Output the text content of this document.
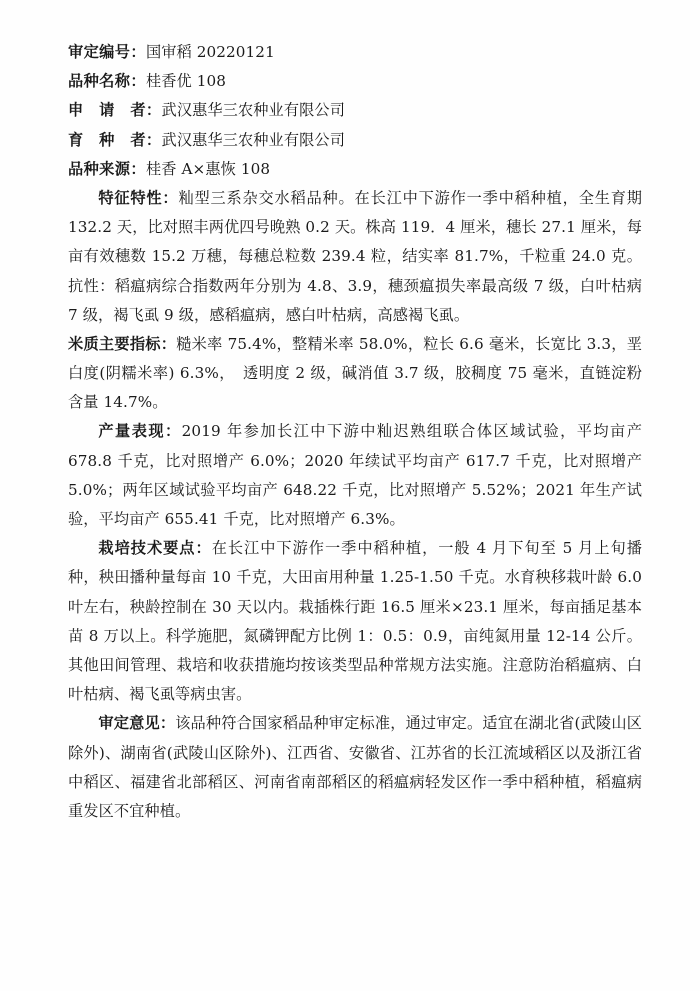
审定编号：国审稻 20220121
品种名称：桂香优 108
申　请　者：武汉惠华三农种业有限公司
育　种　者：武汉惠华三农种业有限公司
品种来源：桂香 A×惠恢 108

特征特性：籼型三系杂交水稻品种。在长江中下游作一季中稻种植，全生育期 132.2 天，比对照丰两优四号晚熟 0.2 天。株高 119．4 厘米，穗长 27.1 厘米，每亩有效穗数 15.2 万穗，每穗总粒数 239.4 粒，结实率 81.7%，千粒重 24.0 克。抗性：稻瘟病综合指数两年分别为 4.8、3.9，穗颈瘟损失率最高级 7 级，白叶枯病 7 级，褐飞虱 9 级，感稻瘟病，感白叶枯病，高感褐飞虱。

米质主要指标：糙米率 75.4%，整精米率 58.0%，粒长 6.6 毫米，长宽比 3.3，垩白度(阴糯米率) 6.3%，　透明度 2 级，碱消值 3.7 级，胶稠度 75 毫米，直链淀粉含量 14.7%。

产量表现：2019 年参加长江中下游中籼迟熟组联合体区域试验，平均亩产 678.8 千克，比对照增产 6.0%；2020 年续试平均亩产 617.7 千克，比对照增产 5.0%；两年区域试验平均亩产 648.22 千克，比对照增产 5.52%；2021 年生产试验，平均亩产 655.41 千克，比对照增产 6.3%。

栽培技术要点：在长江中下游作一季中稻种植，一般 4 月下旬至 5 月上旬播种，秧田播种量每亩 10 千克，大田亩用种量 1.25-1.50 千克。水育秧移栽叶龄 6.0 叶左右，秧龄控制在 30 天以内。栽插株行距 16.5 厘米×23.1 厘米，每亩插足基本苗 8 万以上。科学施肥，氮磷钾配方比例 1：0.5：0.9，亩纯氮用量 12-14 公斤。其他田间管理、栽培和收获措施均按该类型品种常规方法实施。注意防治稻瘟病、白叶枯病、褐飞虱等病虫害。

审定意见：该品种符合国家稻品种审定标准，通过审定。适宜在湖北省(武陵山区除外)、湖南省(武陵山区除外)、江西省、安徽省、江苏省的长江流域稻区以及浙江省中稻区、福建省北部稻区、河南省南部稻区的稻瘟病轻发区作一季中稻种植，稻瘟病重发区不宜种植。
